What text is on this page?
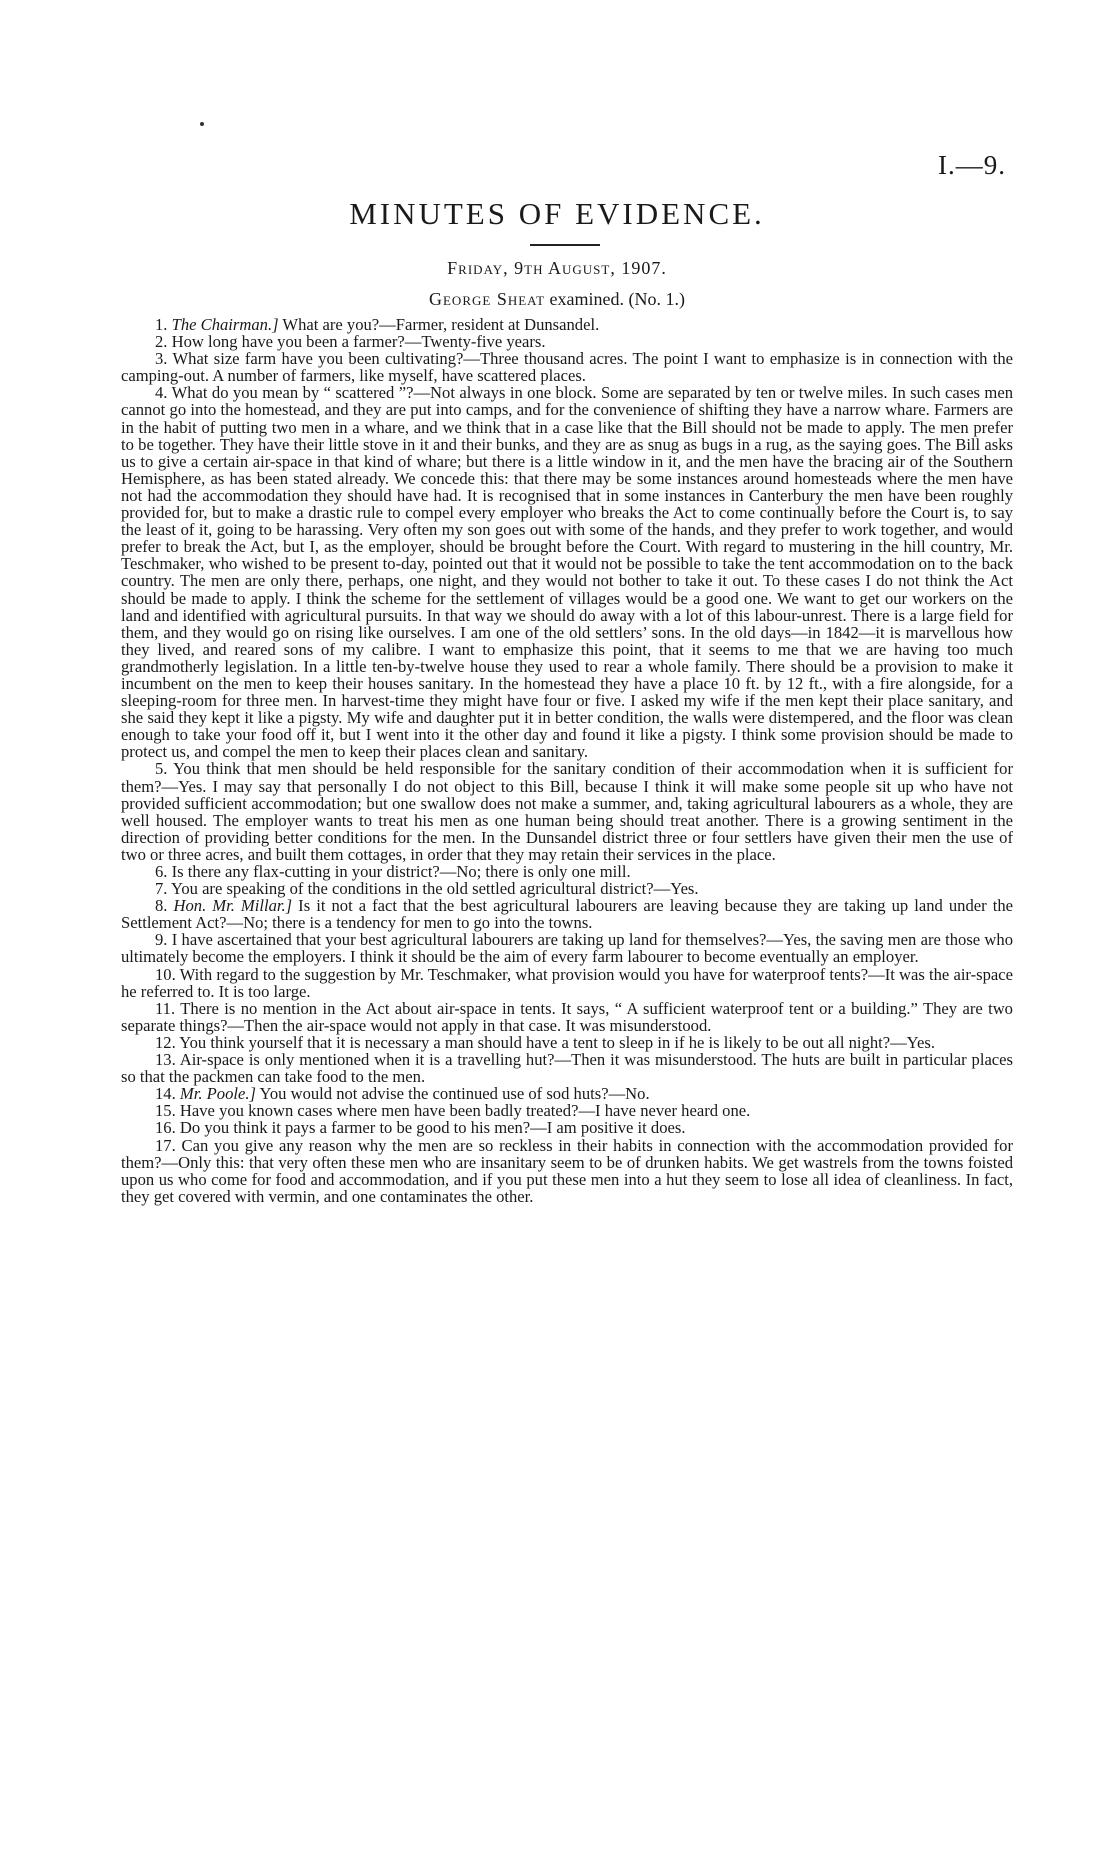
I.—9.
MINUTES OF EVIDENCE.
Friday, 9th August, 1907.
George Sheat examined. (No. 1.)

1. The Chairman.] What are you?—Farmer, resident at Dunsandel.

2. How long have you been a farmer?—Twenty-five years.

3. What size farm have you been cultivating?—Three thousand acres. The point I want to emphasize is in connection with the camping-out. A number of farmers, like myself, have scattered places.

4. What do you mean by “ scattered ”?—Not always in one block. Some are separated by ten or twelve miles. In such cases men cannot go into the homestead, and they are put into camps, and for the convenience of shifting they have a narrow whare. Farmers are in the habit of putting two men in a whare, and we think that in a case like that the Bill should not be made to apply. The men prefer to be together. They have their little stove in it and their bunks, and they are as snug as bugs in a rug, as the saying goes. The Bill asks us to give a certain air-space in that kind of whare; but there is a little window in it, and the men have the bracing air of the Southern Hemisphere, as has been stated already. We concede this: that there may be some instances around homesteads where the men have not had the accommodation they should have had. It is recognised that in some instances in Canterbury the men have been roughly provided for, but to make a drastic rule to compel every employer who breaks the Act to come continually before the Court is, to say the least of it, going to be harassing. Very often my son goes out with some of the hands, and they prefer to work together, and would prefer to break the Act, but I, as the employer, should be brought before the Court. With regard to mustering in the hill country, Mr. Teschmaker, who wished to be present to-day, pointed out that it would not be possible to take the tent accommodation on to the back country. The men are only there, perhaps, one night, and they would not bother to take it out. To these cases I do not think the Act should be made to apply. I think the scheme for the settlement of villages would be a good one. We want to get our workers on the land and identified with agricultural pursuits. In that way we should do away with a lot of this labour-unrest. There is a large field for them, and they would go on rising like ourselves. I am one of the old settlers’ sons. In the old days—in 1842—it is marvellous how they lived, and reared sons of my calibre. I want to emphasize this point, that it seems to me that we are having too much grandmotherly legislation. In a little ten-by-twelve house they used to rear a whole family. There should be a provision to make it incumbent on the men to keep their houses sanitary. In the homestead they have a place 10 ft. by 12 ft., with a fire alongside, for a sleeping-room for three men. In harvest-time they might have four or five. I asked my wife if the men kept their place sanitary, and she said they kept it like a pigsty. My wife and daughter put it in better condition, the walls were distempered, and the floor was clean enough to take your food off it, but I went into it the other day and found it like a pigsty. I think some provision should be made to protect us, and compel the men to keep their places clean and sanitary.

5. You think that men should be held responsible for the sanitary condition of their accommodation when it is sufficient for them?—Yes. I may say that personally I do not object to this Bill, because I think it will make some people sit up who have not provided sufficient accommodation; but one swallow does not make a summer, and, taking agricultural labourers as a whole, they are well housed. The employer wants to treat his men as one human being should treat another. There is a growing sentiment in the direction of providing better conditions for the men. In the Dunsandel district three or four settlers have given their men the use of two or three acres, and built them cottages, in order that they may retain their services in the place.

6. Is there any flax-cutting in your district?—No; there is only one mill.

7. You are speaking of the conditions in the old settled agricultural district?—Yes.

8. Hon. Mr. Millar.] Is it not a fact that the best agricultural labourers are leaving because they are taking up land under the Settlement Act?—No; there is a tendency for men to go into the towns.

9. I have ascertained that your best agricultural labourers are taking up land for themselves?—Yes, the saving men are those who ultimately become the employers. I think it should be the aim of every farm labourer to become eventually an employer.

10. With regard to the suggestion by Mr. Teschmaker, what provision would you have for waterproof tents?—It was the air-space he referred to. It is too large.

11. There is no mention in the Act about air-space in tents. It says, “ A sufficient waterproof tent or a building.” They are two separate things?—Then the air-space would not apply in that case. It was misunderstood.

12. You think yourself that it is necessary a man should have a tent to sleep in if he is likely to be out all night?—Yes.

13. Air-space is only mentioned when it is a travelling hut?—Then it was misunderstood. The huts are built in particular places so that the packmen can take food to the men.

14. Mr. Poole.] You would not advise the continued use of sod huts?—No.

15. Have you known cases where men have been badly treated?—I have never heard one.

16. Do you think it pays a farmer to be good to his men?—I am positive it does.

17. Can you give any reason why the men are so reckless in their habits in connection with the accommodation provided for them?—Only this: that very often these men who are insanitary seem to be of drunken habits. We get wastrels from the towns foisted upon us who come for food and accommodation, and if you put these men into a hut they seem to lose all idea of cleanliness. In fact, they get covered with vermin, and one contaminates the other.
